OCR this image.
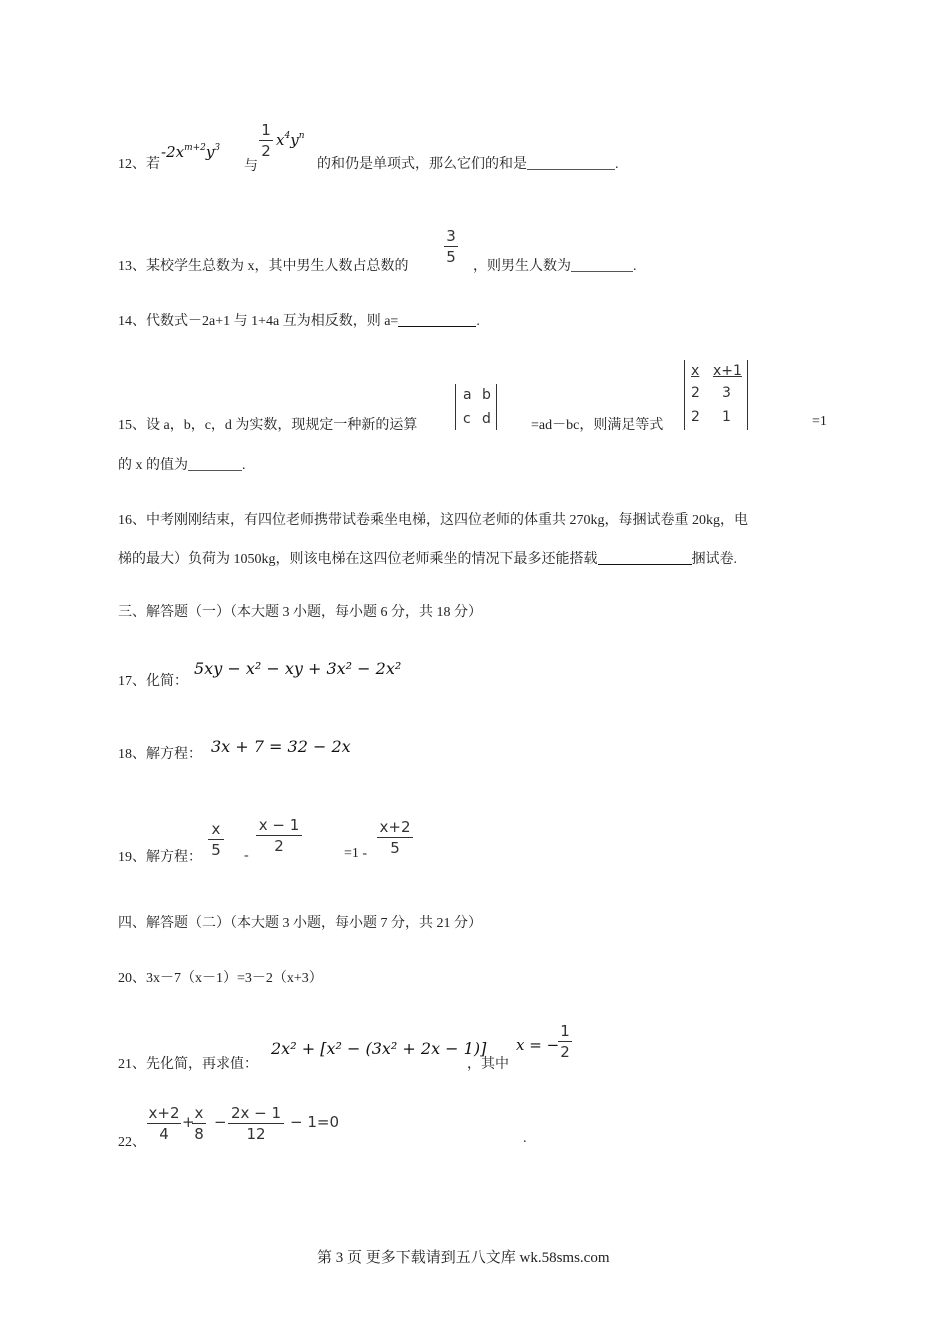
12、若
$-2x^{m+2}y^3$
与
1
2
$x^4y^n$
的和仍是单项式，那么它们的和是	.
13、某校学生总数为 x，其中男生人数占总数的
3
5
，则男生人数为	.
14、代数式－2a+1 与 1+4a 互为相反数，则 a=	.
15、设 a，b，c，d 为实数，现规定一种新的运算
a b
c d	=ad－bc，则满足等式
x x+1
2 3
2 1	=1
的 x 的值为	.
16、中考刚刚结束，有四位老师携带试卷乘坐电梯，这四位老师的体重共 270kg，每捆试卷重 20kg，电
梯的最大）负荷为 1050kg，则该电梯在这四位老师乘坐的情况下最多还能搭载	捆试卷.
三、解答题（一）（本大题 3 小题，每小题 6 分，共 18 分）
17、化简：
5xy − x² − xy + 3x² − 2x²
18、解方程： 3x + 7 = 32 − 2x
19、解方程：
x
5 -
x − 1
2	=1 -
x+2
5
四、解答题（二）（本大题 3 小题，每小题 7 分，共 21 分）
20、3x－7（x－1）=3－2（x+3）
21、先化简，再求值：
2x² + [x² − (3x² + 2x − 1)]
，其中
x = −
1
2
22、
x+2
4
+ x
8
− 2x − 1
12
− 1=0
.
第 3 页 更多下载请到五八文库 wk.58sms.com
